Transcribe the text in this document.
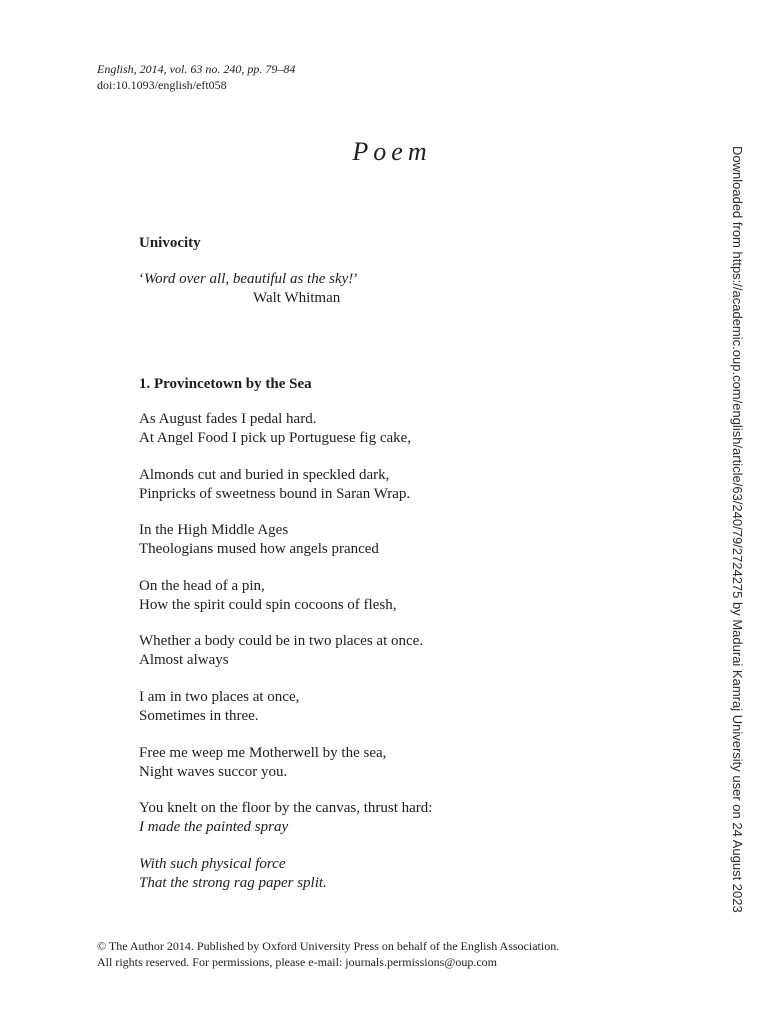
English, 2014, vol. 63 no. 240, pp. 79–84
doi:10.1093/english/eft058
Poem
Univocity
‘Word over all, beautiful as the sky!’
Walt Whitman
1. Provincetown by the Sea
As August fades I pedal hard.
At Angel Food I pick up Portuguese fig cake,
Almonds cut and buried in speckled dark,
Pinpricks of sweetness bound in Saran Wrap.
In the High Middle Ages
Theologians mused how angels pranced
On the head of a pin,
How the spirit could spin cocoons of flesh,
Whether a body could be in two places at once.
Almost always
I am in two places at once,
Sometimes in three.
Free me weep me Motherwell by the sea,
Night waves succor you.
You knelt on the floor by the canvas, thrust hard:
I made the painted spray
With such physical force
That the strong rag paper split.	Downloaded from https://academic.oup.com/english/article/63/240/79/2724275 by Madurai Kamraj University user on 24 August 2023
© The Author 2014. Published by Oxford University Press on behalf of the English Association.
All rights reserved. For permissions, please e-mail: journals.permissions@oup.com
